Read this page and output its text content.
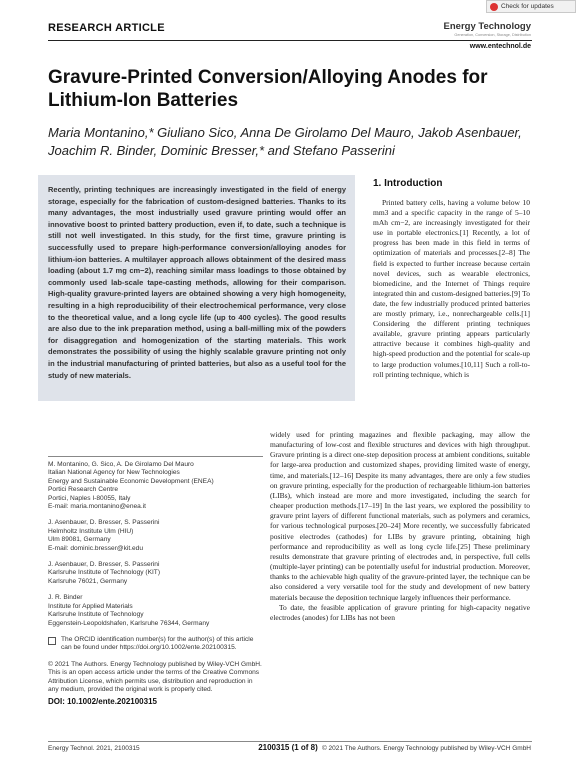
Check for updates
RESEARCH ARTICLE	Energy Technology
Generation, Conversion, Storage, Distribution
www.entechnol.de
Gravure-Printed Conversion/Alloying Anodes for Lithium-Ion Batteries
Maria Montanino,* Giuliano Sico, Anna De Girolamo Del Mauro, Jakob Asenbauer, Joachim R. Binder, Dominic Bresser,* and Stefano Passerini
Recently, printing techniques are increasingly investigated in the field of energy storage, especially for the fabrication of custom-designed batteries. Thanks to its many advantages, the most industrially used gravure printing would offer an innovative boost to printed battery production, even if, to date, such a technique is still not well investigated. In this study, for the first time, gravure printing is successfully used to prepare high-performance conversion/alloying anodes for lithium-ion batteries. A multilayer approach allows obtainment of the desired mass loading (about 1.7 mg cm−2), reaching similar mass loadings to those obtained by commonly used lab-scale tape-casting methods, allowing for their comparison. High-quality gravure-printed layers are obtained showing a very high homogeneity, resulting in a high reproducibility of their electrochemical performance, very close to the theoretical value, and a long cycle life (up to 400 cycles). The good results are also due to the ink preparation method, using a ball-milling mix of the powders for disaggregation and homogenization of the starting materials. This work demonstrates the possibility of using the highly scalable gravure printing not only in the industrial manufacturing of printed batteries, but also as a useful tool for the study of new materials.
1. Introduction
Printed battery cells, having a volume below 10 mm3 and a specific capacity in the range of 5–10 mAh cm−2, are increasingly investigated for their use in portable electronics.[1] Recently, a lot of progress has been made in this field in terms of optimization of materials and processes.[2–8] The field is expected to further increase because certain novel devices, such as wearable electronics, biomedicine, and the Internet of Things require integrated thin and custom-designed batteries.[9] To date, the few industrially produced printed batteries are mostly primary, i.e., nonrechargeable cells.[1] Considering the different printing techniques available, gravure printing appears particularly attractive because it combines high-quality and high-speed production and the potential for scale-up to large production volumes.[10,11] Such a roll-to-roll printing technique, which is

widely used for printing magazines and flexible packaging, may allow the manufacturing of low-cost and flexible structures and devices with high throughput. Gravure printing is a direct one-step deposition process at ambient conditions, suitable for large-area production and customized shapes, providing limited waste of energy, time, and materials.[12–16] Despite its many advantages, there are only a few studies on gravure printing, especially for the production of rechargeable lithium-ion batteries (LIBs), which instead are more and more investigated, including the search for cheaper production methods.[17–19] In the last years, we explored the possibility to gravure print layers of different functional materials, such as polymers and ceramics, for various technological purposes.[20–24] More recently, we successfully fabricated positive electrodes (cathodes) for LIBs by gravure printing, obtaining high performance and reproducibility as well as long cycle life.[25] These preliminary results demonstrate that gravure printing of electrodes and, in perspective, full cells (multiple-layer printing) can be potentially useful for industrial production. Moreover, thanks to the achievable high quality of the gravure-printed layer, the technique can be also considered a very versatile tool for the study and development of new battery materials because the deposition technique largely influences their performance.

To date, the feasible application of gravure printing for high-capacity negative electrodes (anodes) for LIBs has not been

M. Montanino, G. Sico, A. De Girolamo Del Mauro
Italian National Agency for New Technologies
Energy and Sustainable Economic Development (ENEA)
Portici Research Centre
Portici, Naples I-80055, Italy
E-mail: maria.montanino@enea.it
J. Asenbauer, D. Bresser, S. Passerini
Helmholtz Institute Ulm (HIU)
Ulm 89081, Germany
E-mail: dominic.bresser@kit.edu
J. Asenbauer, D. Bresser, S. Passerini
Karlsruhe Institute of Technology (KIT)
Karlsruhe 76021, Germany
J. R. Binder
Institute for Applied Materials
Karlsruhe Institute of Technology
Eggenstein-Leopoldshafen, Karlsruhe 76344, Germany
The ORCID identification number(s) for the author(s) of this article can be found under https://doi.org/10.1002/ente.202100315.
© 2021 The Authors. Energy Technology published by Wiley-VCH GmbH. This is an open access article under the terms of the Creative Commons Attribution License, which permits use, distribution and reproduction in any medium, provided the original work is properly cited.
DOI: 10.1002/ente.202100315
Energy Technol. 2021, 2100315	2100315 (1 of 8) © 2021 The Authors. Energy Technology published by Wiley-VCH GmbH
